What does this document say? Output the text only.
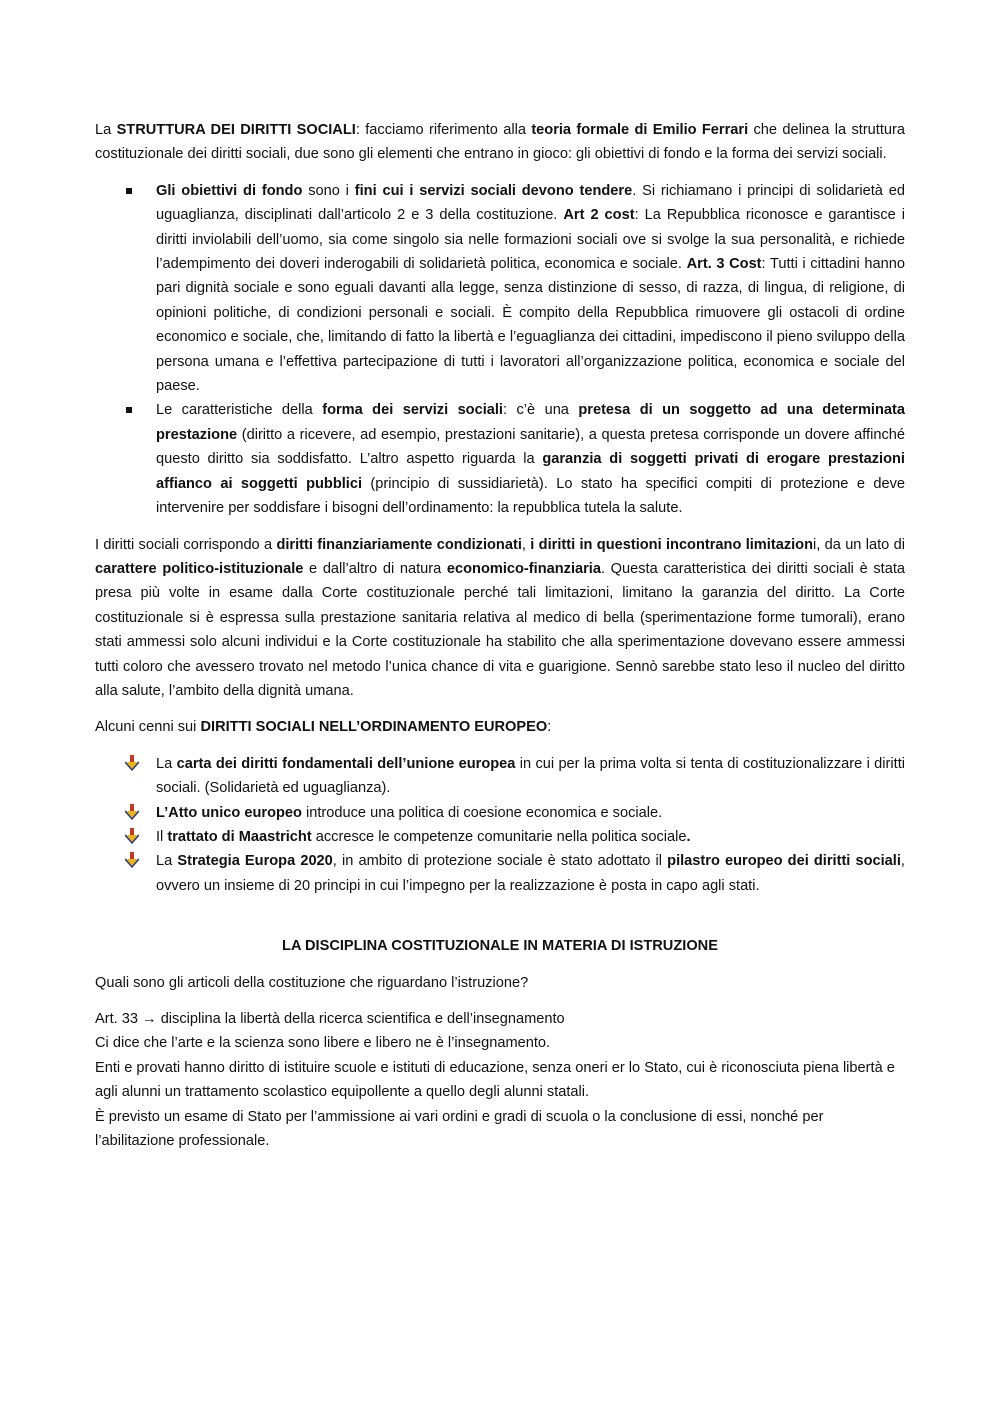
La STRUTTURA DEI DIRITTI SOCIALI: facciamo riferimento alla teoria formale di Emilio Ferrari che delinea la struttura costituzionale dei diritti sociali, due sono gli elementi che entrano in gioco: gli obiettivi di fondo e la forma dei servizi sociali.

Gli obiettivi di fondo sono i fini cui i servizi sociali devono tendere. Si richiamano i principi di solidarietà ed uguaglianza, disciplinati dall’articolo 2 e 3 della costituzione. Art 2 cost: La Repubblica riconosce e garantisce i diritti inviolabili dell’uomo, sia come singolo sia nelle formazioni sociali ove si svolge la sua personalità, e richiede l’adempimento dei doveri inderogabili di solidarietà politica, economica e sociale. Art. 3 Cost: Tutti i cittadini hanno pari dignità sociale e sono eguali davanti alla legge, senza distinzione di sesso, di razza, di lingua, di religione, di opinioni politiche, di condizioni personali e sociali. È compito della Repubblica rimuovere gli ostacoli di ordine economico e sociale, che, limitando di fatto la libertà e l’eguaglianza dei cittadini, impediscono il pieno sviluppo della persona umana e l’effettiva partecipazione di tutti i lavoratori all’organizzazione politica, economica e sociale del paese.
Le caratteristiche della forma dei servizi sociali: c’è una pretesa di un soggetto ad una determinata prestazione (diritto a ricevere, ad esempio, prestazioni sanitarie), a questa pretesa corrisponde un dovere affinché questo diritto sia soddisfatto. L’altro aspetto riguarda la garanzia di soggetti privati di erogare prestazioni affianco ai soggetti pubblici (principio di sussidiarietà). Lo stato ha specifici compiti di protezione e deve intervenire per soddisfare i bisogni dell’ordinamento: la repubblica tutela la salute.

I diritti sociali corrispondo a diritti finanziariamente condizionati, i diritti in questioni incontrano limitazioni, da un lato di carattere politico-istituzionale e dall’altro di natura economico-finanziaria. Questa caratteristica dei diritti sociali è stata presa più volte in esame dalla Corte costituzionale perché tali limitazioni, limitano la garanzia del diritto. La Corte costituzionale si è espressa sulla prestazione sanitaria relativa al medico di bella (sperimentazione forme tumorali), erano stati ammessi solo alcuni individui e la Corte costituzionale ha stabilito che alla sperimentazione dovevano essere ammessi tutti coloro che avessero trovato nel metodo l’unica chance di vita e guarigione. Sennò sarebbe stato leso il nucleo del diritto alla salute, l’ambito della dignità umana.

Alcuni cenni sui DIRITTI SOCIALI NELL’ORDINAMENTO EUROPEO:

La carta dei diritti fondamentali dell’unione europea in cui per la prima volta si tenta di costituzionalizzare i diritti sociali. (Solidarietà ed uguaglianza).
L’Atto unico europeo introduce una politica di coesione economica e sociale.
Il trattato di Maastricht accresce le competenze comunitarie nella politica sociale.
La Strategia Europa 2020, in ambito di protezione sociale è stato adottato il pilastro europeo dei diritti sociali, ovvero un insieme di 20 principi in cui l’impegno per la realizzazione è posta in capo agli stati.

LA DISCIPLINA COSTITUZIONALE IN MATERIA DI ISTRUZIONE

Quali sono gli articoli della costituzione che riguardano l’istruzione?

Art. 33 → disciplina la libertà della ricerca scientifica e dell’insegnamento

Ci dice che l’arte e la scienza sono libere e libero ne è l’insegnamento.

Enti e provati hanno diritto di istituire scuole e istituti di educazione, senza oneri er lo Stato, cui è riconosciuta piena libertà e agli alunni un trattamento scolastico equipollente a quello degli alunni statali.

È previsto un esame di Stato per l’ammissione ai vari ordini e gradi di scuola o la conclusione di essi, nonché per l’abilitazione professionale.
